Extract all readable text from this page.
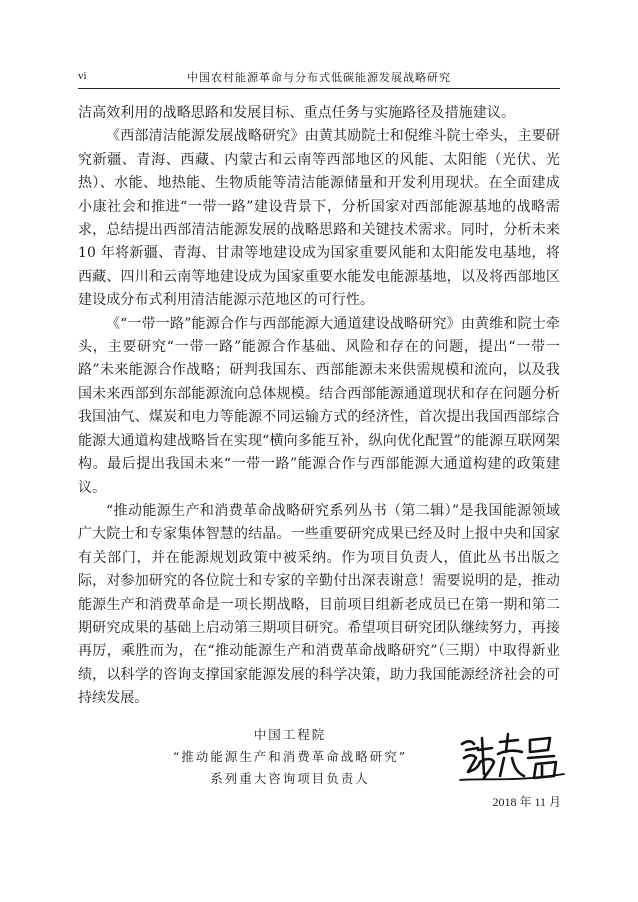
vi	中国农村能源革命与分布式低碳能源发展战略研究

洁高效利用的战略思路和发展目标、重点任务与实施路径及措施建议。

《西部清洁能源发展战略研究》由黄其励院士和倪维斗院士牵头，主要研究新疆、青海、西藏、内蒙古和云南等西部地区的风能、太阳能（光伏、光热）、水能、地热能、生物质能等清洁能源储量和开发利用现状。在全面建成小康社会和推进“一带一路”建设背景下，分析国家对西部能源基地的战略需求，总结提出西部清洁能源发展的战略思路和关键技术需求。同时，分析未来 10 年将新疆、青海、甘肃等地建设成为国家重要风能和太阳能发电基地，将西藏、四川和云南等地建设成为国家重要水能发电能源基地，以及将西部地区建设成分布式利用清洁能源示范地区的可行性。

《“一带一路”能源合作与西部能源大通道建设战略研究》由黄维和院士牵头，主要研究“一带一路”能源合作基础、风险和存在的问题，提出“一带一路”未来能源合作战略；研判我国东、西部能源未来供需规模和流向，以及我国未来西部到东部能源流向总体规模。结合西部能源通道现状和存在问题分析我国油气、煤炭和电力等能源不同运输方式的经济性，首次提出我国西部综合能源大通道构建战略旨在实现“横向多能互补，纵向优化配置”的能源互联网架构。最后提出我国未来“一带一路”能源合作与西部能源大通道构建的政策建议。

“推动能源生产和消费革命战略研究系列丛书（第二辑）”是我国能源领域广大院士和专家集体智慧的结晶。一些重要研究成果已经及时上报中央和国家有关部门，并在能源规划政策中被采纳。作为项目负责人，值此丛书出版之际，对参加研究的各位院士和专家的辛勤付出深表谢意！需要说明的是，推动能源生产和消费革命是一项长期战略，目前项目组新老成员已在第一期和第二期研究成果的基础上启动第三期项目研究。希望项目研究团队继续努力，再接再厉，乘胜而为，在“推动能源生产和消费革命战略研究”（三期）中取得新业绩，以科学的咨询支撑国家能源发展的科学决策，助力我国能源经济社会的可持续发展。

中国工程院
“推动能源生产和消费革命战略研究”
系列重大咨询项目负责人
2018 年 11 月
